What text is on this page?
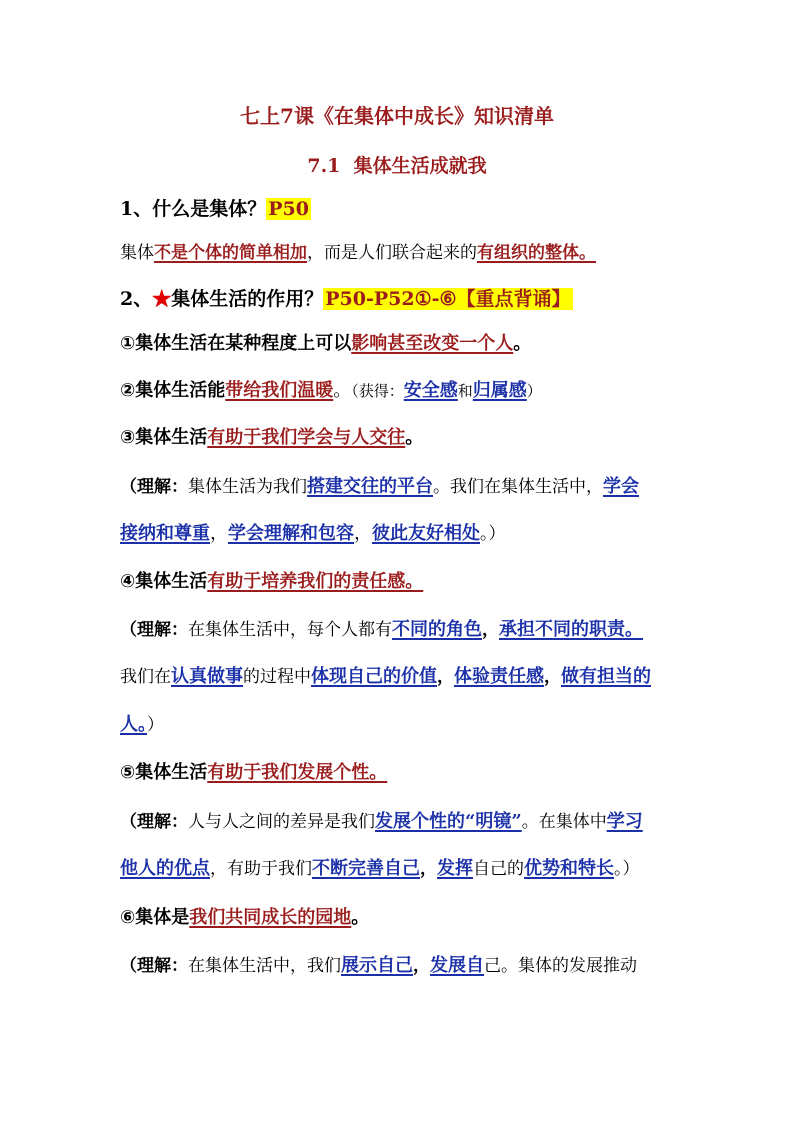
七上7课《在集体中成长》知识清单
7.1 集体生活成就我
1、什么是集体？ P50
集体不是个体的简单相加，而是人们联合起来的有组织的整体。
2、★集体生活的作用？ P50-P52①-⑥【重点背诵】
①集体生活在某种程度上可以影响甚至改变一个人。
②集体生活能带给我们温暖。（获得：安全感和归属感）
③集体生活有助于我们学会与人交往。
（理解：集体生活为我们搭建交往的平台。我们在集体生活中，学会
接纳和尊重，学会理解和包容，彼此友好相处。）
④集体生活有助于培养我们的责任感。
（理解：在集体生活中，每个人都有不同的角色，承担不同的职责。
我们在认真做事的过程中体现自己的价值，体验责任感，做有担当的
人。）
⑤集体生活有助于我们发展个性。
（理解：人与人之间的差异是我们发展个性的“明镜”。在集体中学习
他人的优点，有助于我们不断完善自己，发挥自己的优势和特长。）
⑥集体是我们共同成长的园地。
（理解：在集体生活中，我们展示自己，发展自己。集体的发展推动
